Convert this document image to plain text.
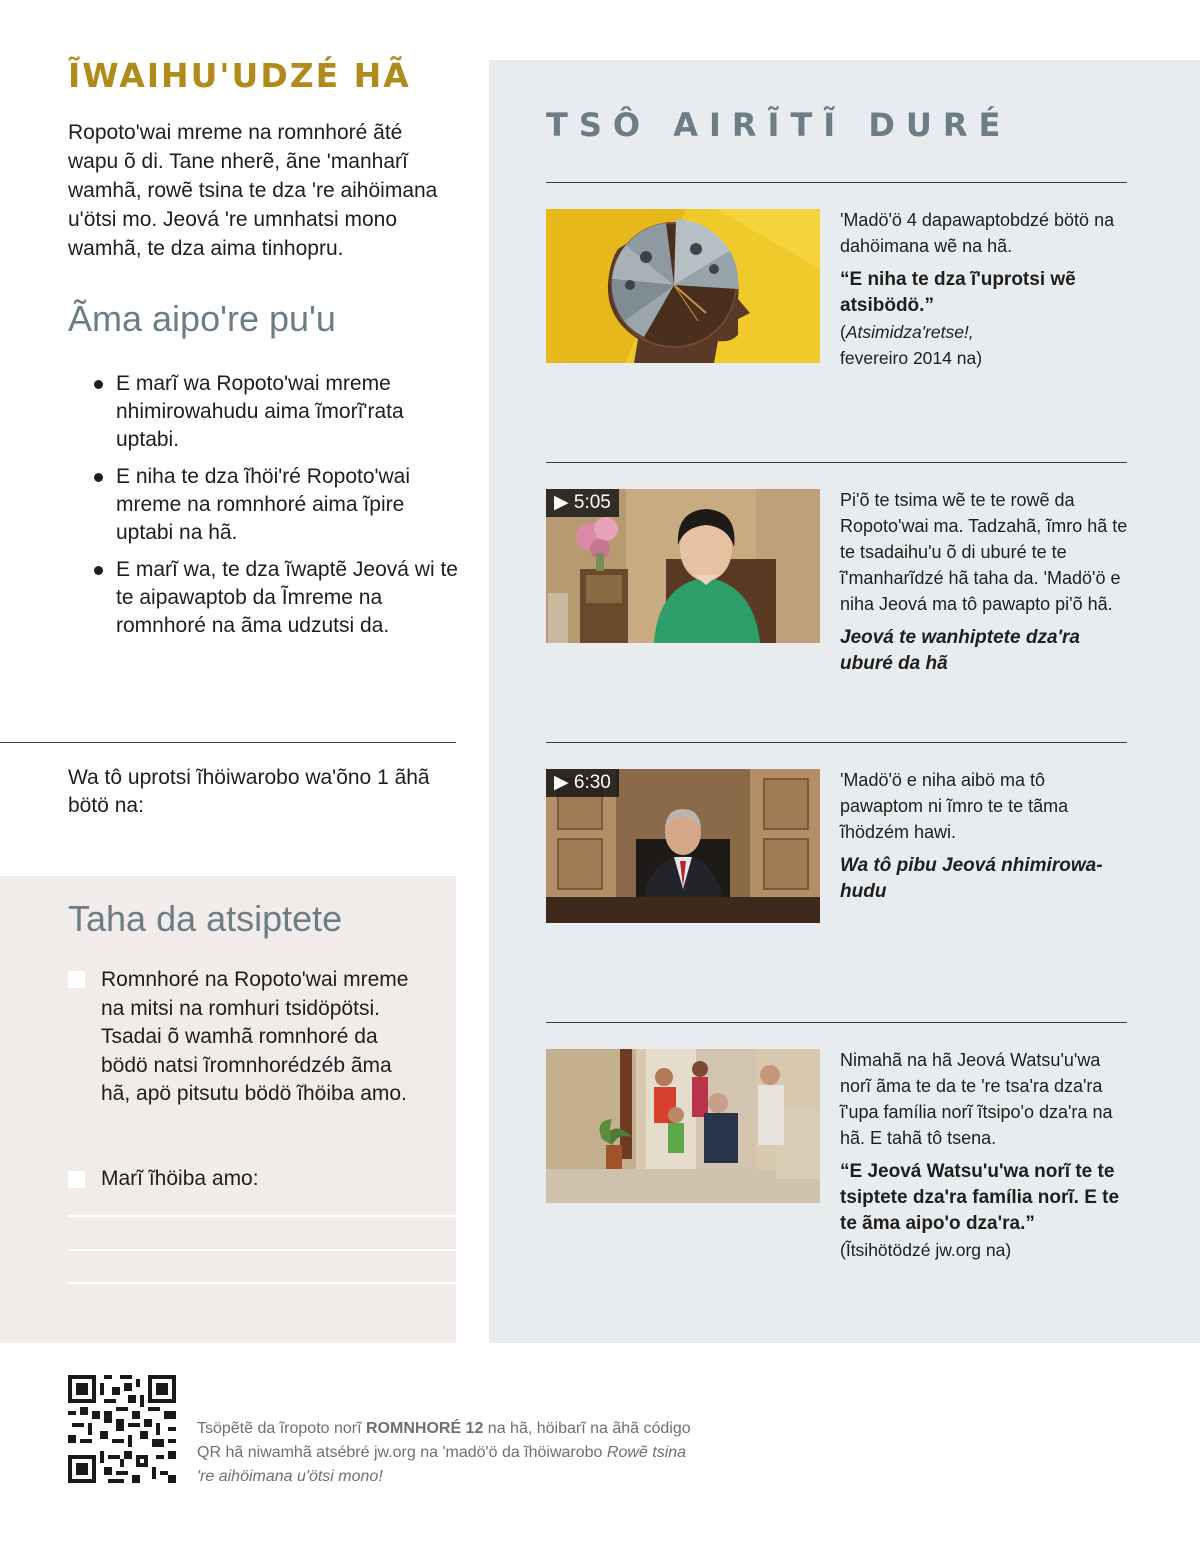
ĨWAIHU'UDZÉ HÃ

Ropoto'wai mreme na romnhoré ãté wapu õ di. Tane nherẽ, ãne 'manharĩ wamhã, rowẽ tsina te dza 're aihöimana u'ötsi mo. Jeová 're umnhatsi mono wamhã, te dza aima tinhopru.

Ãma aipo're pu'u
E marĩ wa Ropoto'wai mreme nhimirowahudu aima ĩmorĩ'rata uptabi.
E niha te dza ĩhöi'ré Ropoto'wai mreme na romnhoré aima ĩpire uptabi na hã.
E marĩ wa, te dza ĩwaptẽ Jeová wi te te aipawaptob da Ĩmreme na romnhoré na ãma udzutsi da.

Wa tô uprotsi ĩhöiwarobo wa'õno 1 ãhã bötö na:

Taha da atsiptete

Romnhoré na Ropoto'wai mreme na mitsi na romhuri tsidöpötsi. Tsadai õ wamhã romnhoré da bödö natsi ĩromnhorédzéb ãma hã, apö pitsutu bödö ĩhöiba amo.

Marĩ ĩhöiba amo:

TSÔ AIRĨTĨ DURÉ

'Madö'ö 4 dapawaptobdzé bötö na dahöimana wẽ na hã.

“E niha te dza ĩ'uprotsi wẽ atsibödö.”

(Atsimidza'retse!,
fevereiro 2014 na)

▶ 5:05	Pi'õ te tsima wẽ te te rowẽ da Ropoto'wai ma. Tadzahã, ĩmro hã te te tsadaihu'u õ di uburé te te ĩ'manharĩdzé hã taha da. 'Madö'ö e niha Jeová ma tô pawapto pi'õ hã.

Jeová te wanhiptete dza'ra uburé da hã

▶ 6:30	'Madö'ö e niha aibö ma tô pawaptom ni ĩmro te te tãma ĩhödzém hawi.

Wa tô pibu Jeová nhimirowahudu

Nimahã na hã Jeová Watsu'u'wa norĩ ãma te da te 're tsa'ra dza'ra ĩ'upa família norĩ ĩtsipo'o dza'ra na hã. E tahã tô tsena.

“E Jeová Watsu'u'wa norĩ te te tsiptete dza'ra família norĩ. E te te ãma aipo'o dza'ra.”

(Ĩtsihötödzé jw.org na)

Tsöpẽtẽ da ĩropoto norĩ ROMNHORÉ 12 na hã, höibarĩ na ãhã código QR hã niwamhã atsébré jw.org na 'madö'ö da ĩhöiwarobo Rowẽ tsina 're aihöimana u'ötsi mono!
